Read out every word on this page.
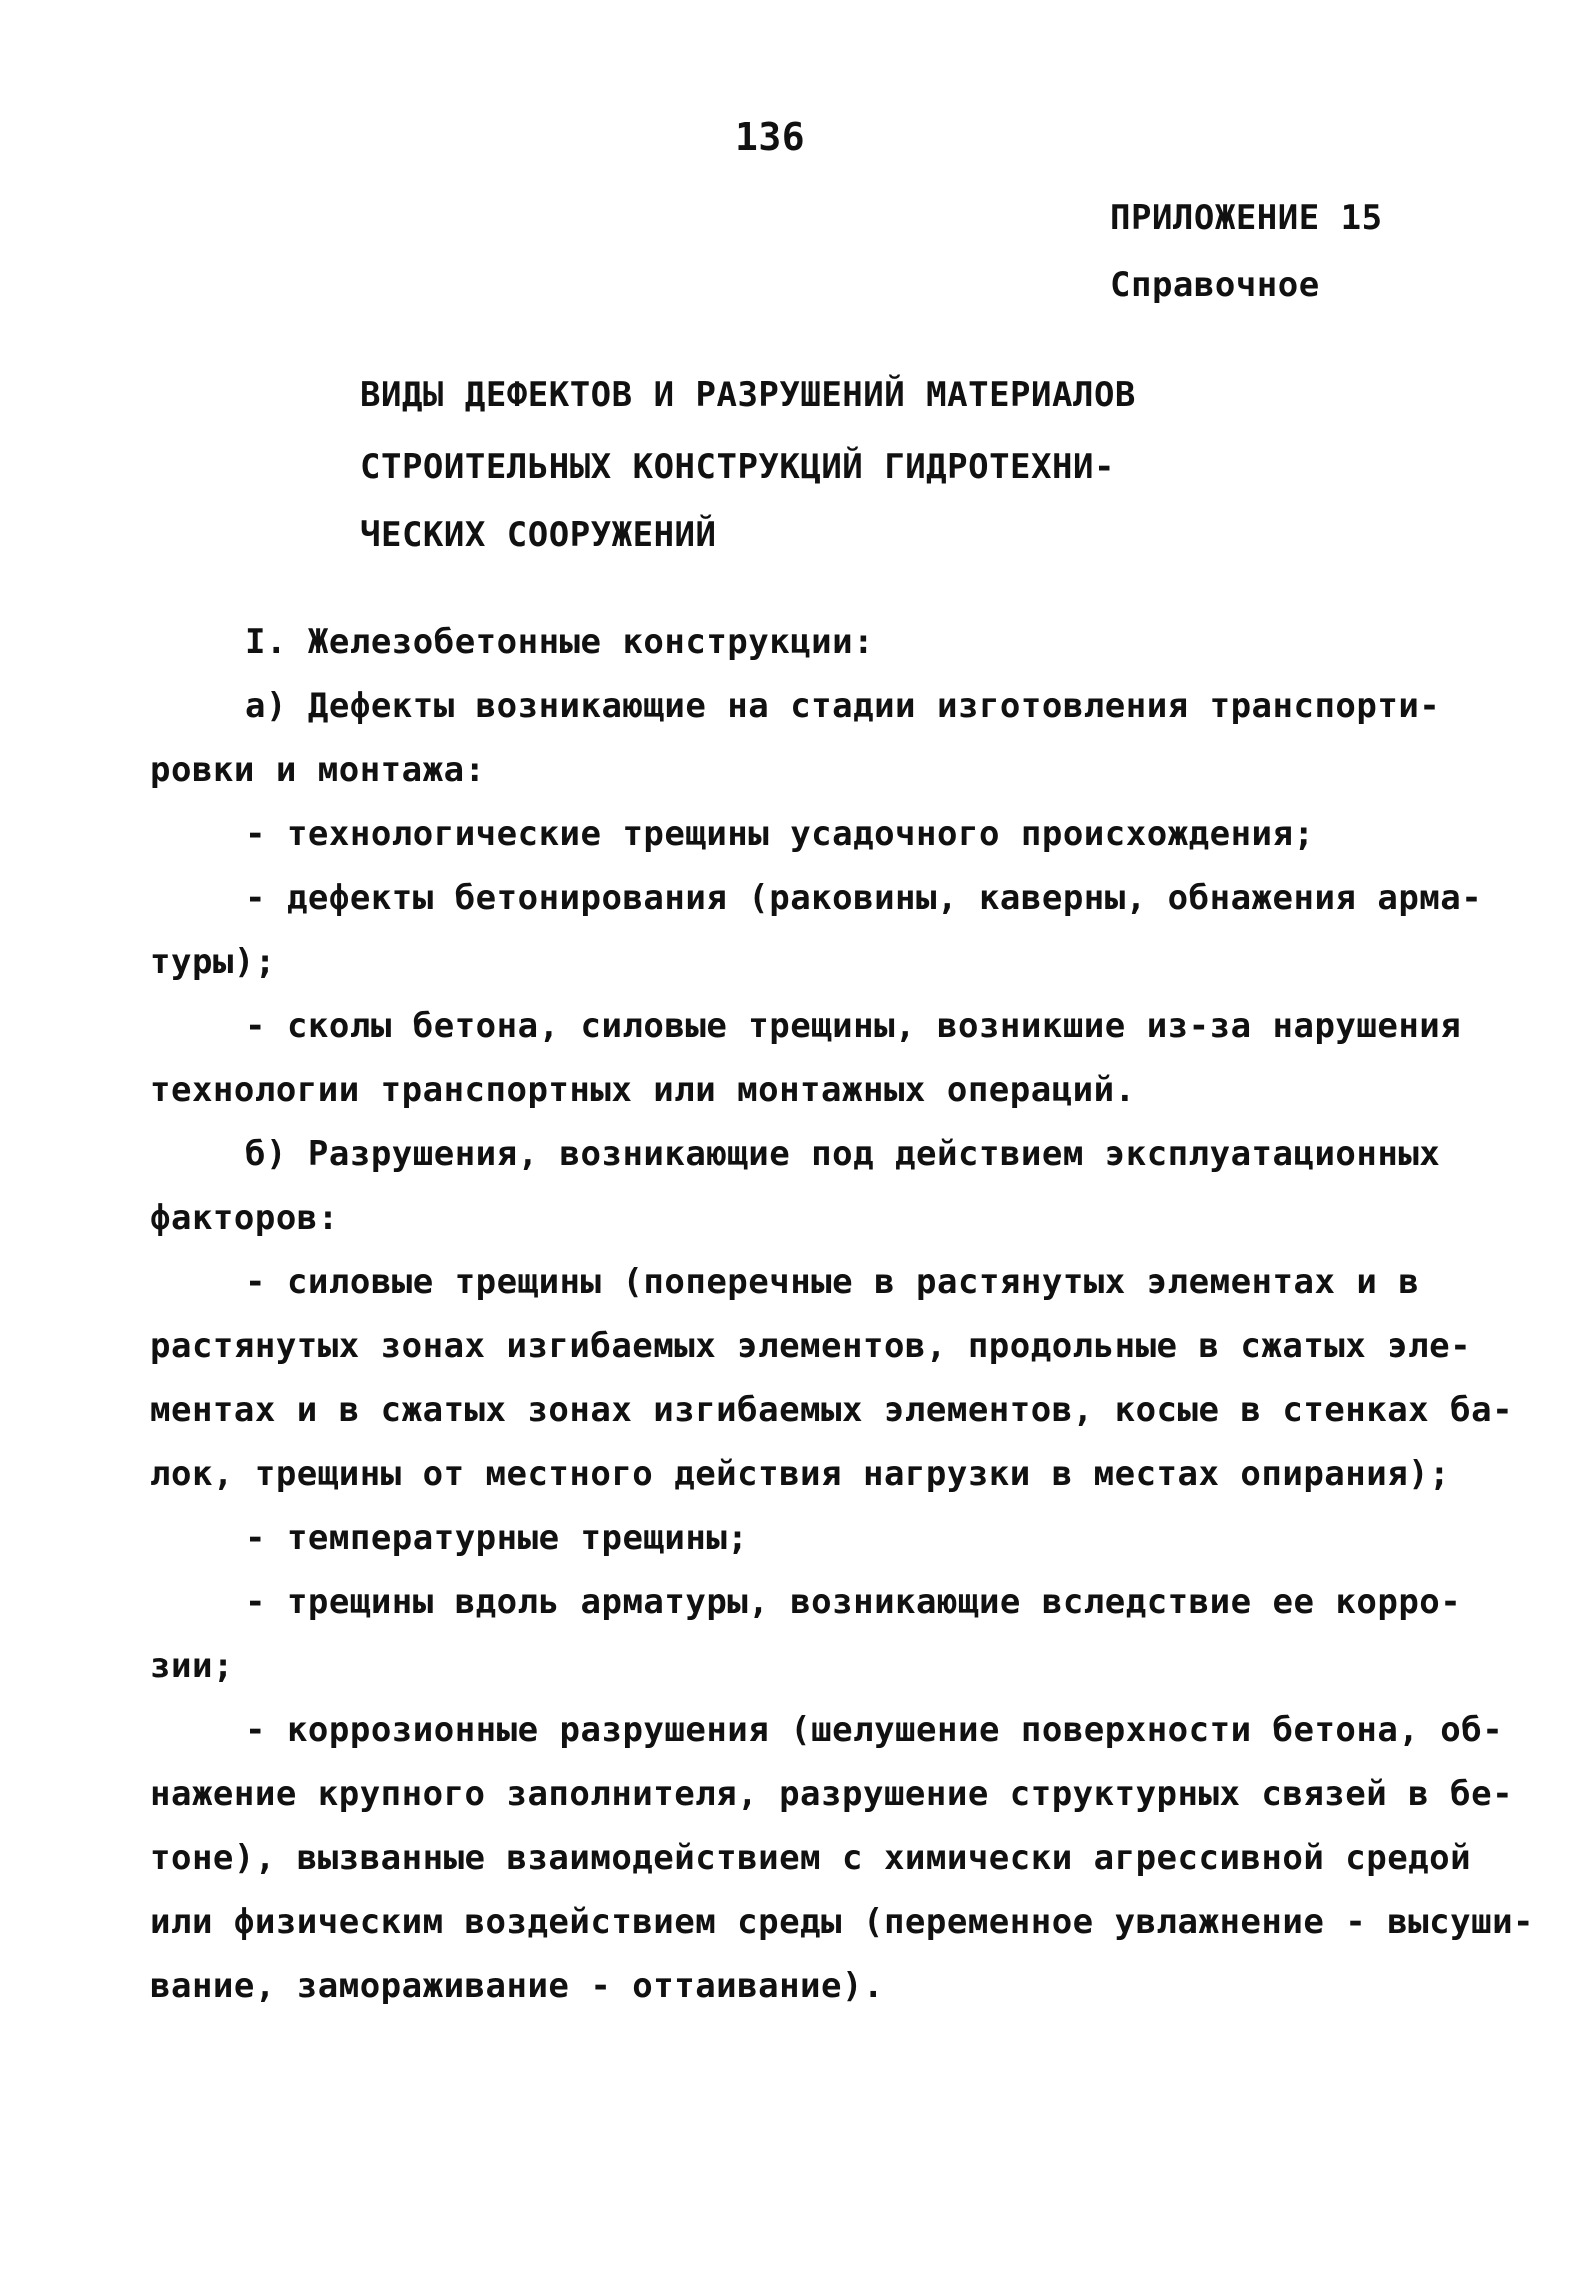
136
ПРИЛОЖЕНИЕ 15
Справочное
ВИДЫ ДЕФЕКТОВ И РАЗРУШЕНИЙ МАТЕРИАЛОВ
СТРОИТЕЛЬНЫХ КОНСТРУКЦИЙ ГИДРОТЕХНИ-
ЧЕСКИХ СООРУЖЕНИЙ
I. Железобетонные конструкции:
а) Дефекты возникающие на стадии изготовления транспорти-
ровки и монтажа:
- технологические трещины усадочного происхождения;
- дефекты бетонирования (раковины, каверны, обнажения арма-
туры);
- сколы бетона, силовые трещины, возникшие из-за нарушения
технологии транспортных или монтажных операций.
б) Разрушения, возникающие под действием эксплуатационных
факторов:
- силовые трещины (поперечные в растянутых элементах и в
растянутых зонах изгибаемых элементов, продольные в сжатых эле-
ментах и в сжатых зонах изгибаемых элементов, косые в стенках ба-
лок, трещины от местного действия нагрузки в местах опирания);
- температурные трещины;
- трещины вдоль арматуры, возникающие вследствие ее корро-
зии;
- коррозионные разрушения (шелушение поверхности бетона, об-
нажение крупного заполнителя, разрушение структурных связей в бе-
тоне), вызванные взаимодействием с химически агрессивной средой
или физическим воздействием среды (переменное увлажнение - высуши-
вание, замораживание - оттаивание).
